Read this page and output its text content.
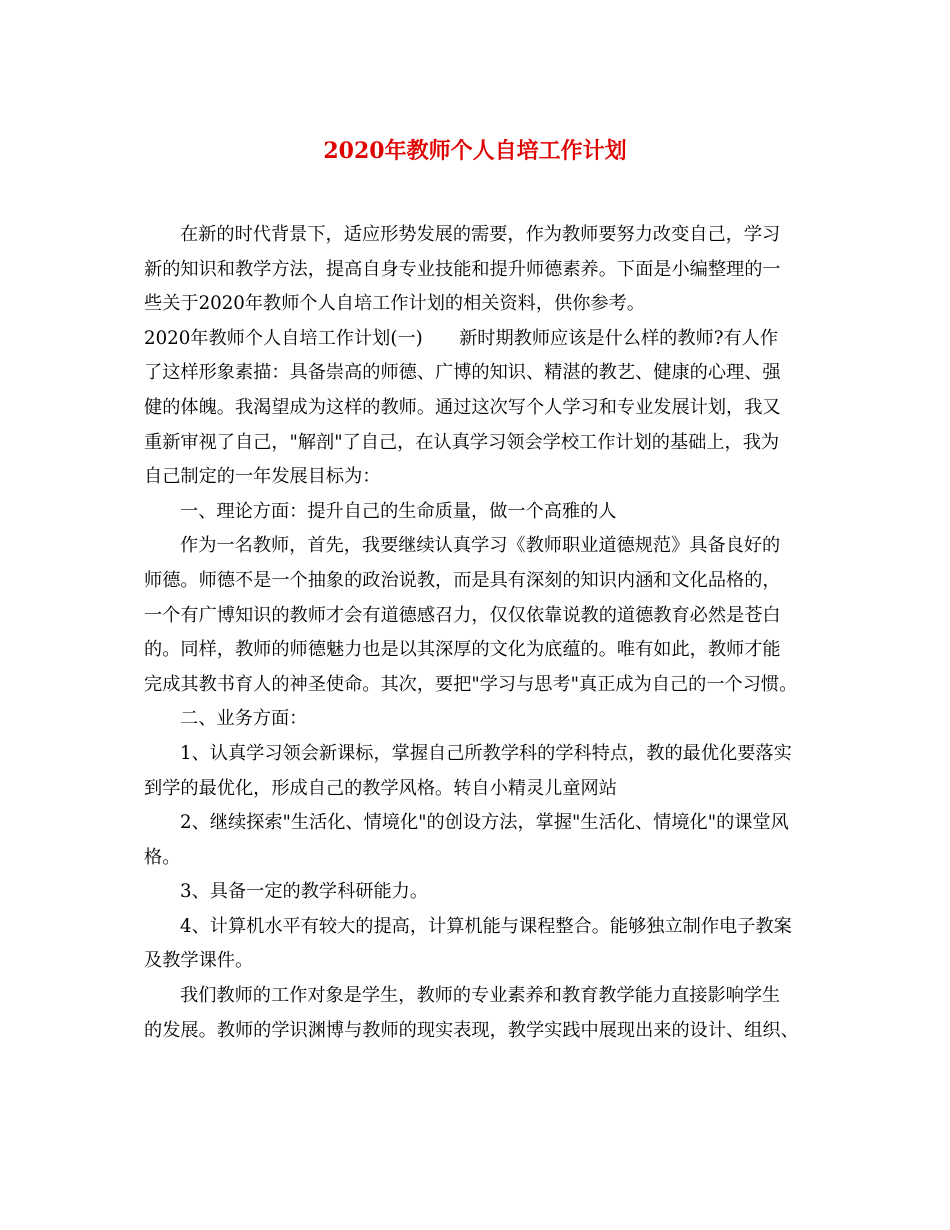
2020年教师个人自培工作计划
在新的时代背景下，适应形势发展的需要，作为教师要努力改变自己，学习
新的知识和教学方法，提高自身专业技能和提升师德素养。下面是小编整理的一
些关于2020年教师个人自培工作计划的相关资料，供你参考。
2020年教师个人自培工作计划(一)　　新时期教师应该是什么样的教师?有人作
了这样形象素描：具备崇高的师德、广博的知识、精湛的教艺、健康的心理、强
健的体魄。我渴望成为这样的教师。通过这次写个人学习和专业发展计划，我又
重新审视了自己，"解剖"了自己，在认真学习领会学校工作计划的基础上，我为
自己制定的一年发展目标为：
一、理论方面：提升自己的生命质量，做一个高雅的人
作为一名教师，首先，我要继续认真学习《教师职业道德规范》具备良好的
师德。师德不是一个抽象的政治说教，而是具有深刻的知识内涵和文化品格的，
一个有广博知识的教师才会有道德感召力，仅仅依靠说教的道德教育必然是苍白
的。同样，教师的师德魅力也是以其深厚的文化为底蕴的。唯有如此，教师才能
完成其教书育人的神圣使命。其次，要把"学习与思考"真正成为自己的一个习惯。
二、业务方面：
1、认真学习领会新课标，掌握自己所教学科的学科特点，教的最优化要落实
到学的最优化，形成自己的教学风格。转自小精灵儿童网站
2、继续探索"生活化、情境化"的创设方法，掌握"生活化、情境化"的课堂风
格。
3、具备一定的教学科研能力。
4、计算机水平有较大的提高，计算机能与课程整合。能够独立制作电子教案
及教学课件。
我们教师的工作对象是学生，教师的专业素养和教育教学能力直接影响学生
的发展。教师的学识渊博与教师的现实表现，教学实践中展现出来的设计、组织、
